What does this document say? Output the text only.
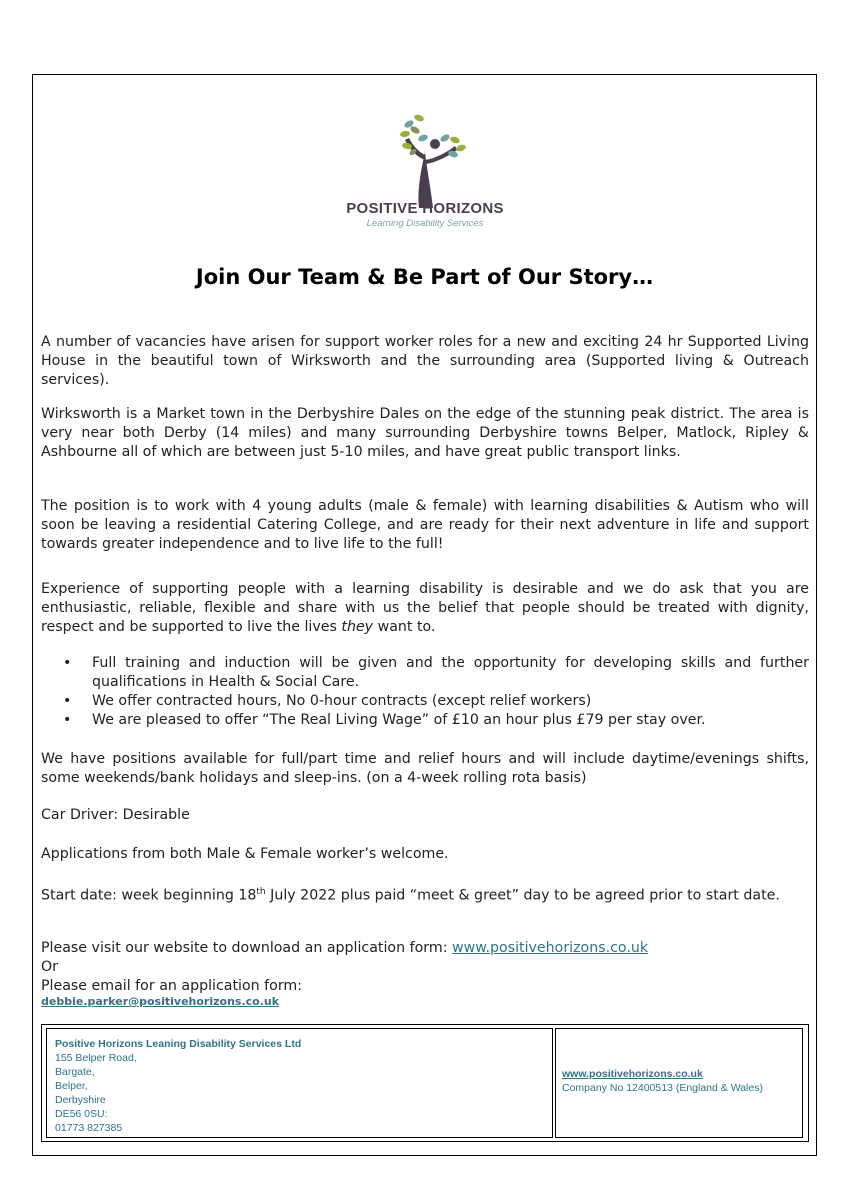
POSITIVE HORIZONS
Learning Disability Services
Join Our Team & Be Part of Our Story…

A number of vacancies have arisen for support worker roles for a new and exciting 24 hr Supported Living House in the beautiful town of Wirksworth and the surrounding area (Supported living & Outreach services).

Wirksworth is a Market town in the Derbyshire Dales on the edge of the stunning peak district. The area is very near both Derby (14 miles) and many surrounding Derbyshire towns Belper, Matlock, Ripley & Ashbourne all of which are between just 5-10 miles, and have great public transport links.

The position is to work with 4 young adults (male & female) with learning disabilities & Autism who will soon be leaving a residential Catering College, and are ready for their next adventure in life and support towards greater independence and to live life to the full!

Experience of supporting people with a learning disability is desirable and we do ask that you are enthusiastic, reliable, flexible and share with us the belief that people should be treated with dignity, respect and be supported to live the lives they want to.

• Full training and induction will be given and the opportunity for developing skills and further qualifications in Health & Social Care.
• We offer contracted hours, No 0-hour contracts (except relief workers)
• We are pleased to offer “The Real Living Wage” of £10 an hour plus £79 per stay over.

We have positions available for full/part time and relief hours and will include daytime/evenings shifts, some weekends/bank holidays and sleep-ins. (on a 4-week rolling rota basis)

Car Driver: Desirable

Applications from both Male & Female worker’s welcome.

Start date: week beginning 18th July 2022 plus paid “meet & greet” day to be agreed prior to start date.

Please visit our website to download an application form: www.positivehorizons.co.uk

Or

Please email for an application form:

debbie.parker@positivehorizons.co.uk
Positive Horizons Leaning Disability Services Ltd
155 Belper Road,
Bargate,
Belper,
Derbyshire
DE56 0SU:
01773 827385
www.positivehorizons.co.uk
Company No 12400513 (England & Wales)
